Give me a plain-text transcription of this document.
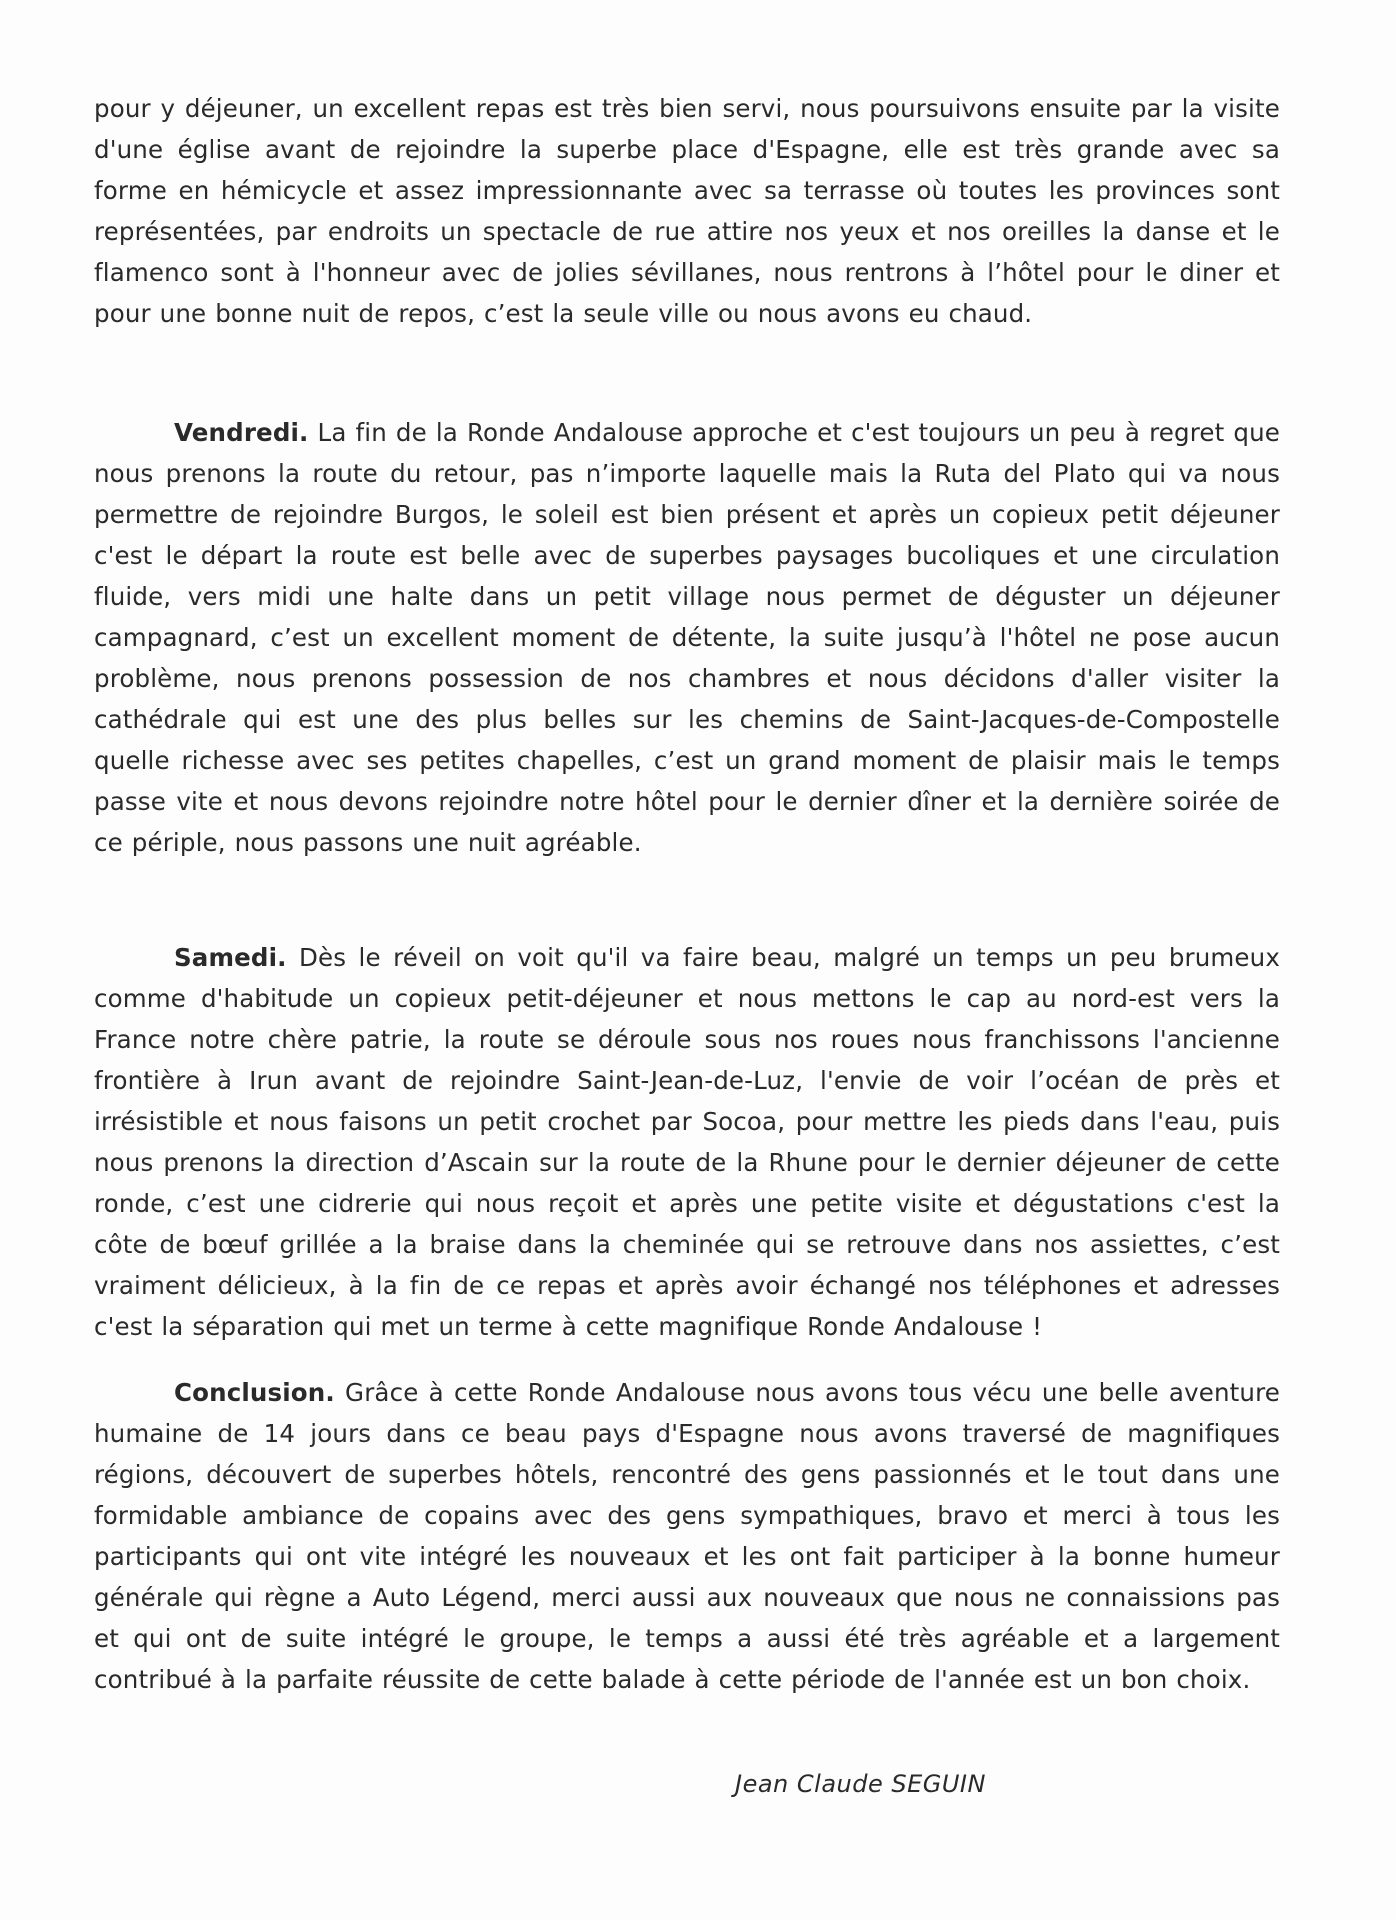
pour y déjeuner, un excellent repas est très bien servi, nous poursuivons ensuite par la visite d'une église avant de rejoindre la superbe place d'Espagne, elle est très grande avec sa forme en hémicycle et assez impressionnante avec sa terrasse où toutes les provinces sont représentées, par endroits un spectacle de rue attire nos yeux et nos oreilles la danse et le flamenco sont à l'honneur avec de jolies sévillanes, nous rentrons à l’hôtel pour le diner et pour une bonne nuit de repos, c’est la seule ville ou nous avons eu chaud.

Vendredi. La fin de la Ronde Andalouse approche et c'est toujours un peu à regret que nous prenons la route du retour, pas n’importe laquelle mais la Ruta del Plato qui va nous permettre de rejoindre Burgos, le soleil est bien présent et après un copieux petit déjeuner c'est le départ la route est belle avec de superbes paysages bucoliques et une circulation fluide, vers midi une halte dans un petit village nous permet de déguster un déjeuner campagnard, c’est un excellent moment de détente, la suite jusqu’à l'hôtel ne pose aucun problème, nous prenons possession de nos chambres et nous décidons d'aller visiter la cathédrale qui est une des plus belles sur les chemins de Saint-Jacques-de-Compostelle quelle richesse avec ses petites chapelles, c’est un grand moment de plaisir mais le temps passe vite et nous devons rejoindre notre hôtel pour le dernier dîner et la dernière soirée de ce périple, nous passons une nuit agréable.

Samedi. Dès le réveil on voit qu'il va faire beau, malgré un temps un peu brumeux comme d'habitude un copieux petit-déjeuner et nous mettons le cap au nord-est vers la France notre chère patrie, la route se déroule sous nos roues nous franchissons l'ancienne frontière à Irun avant de rejoindre Saint-Jean-de-Luz, l'envie de voir l’océan de près et irrésistible et nous faisons un petit crochet par Socoa, pour mettre les pieds dans l'eau, puis nous prenons la direction d’Ascain sur la route de la Rhune pour le dernier déjeuner de cette ronde, c’est une cidrerie qui nous reçoit et après une petite visite et dégustations c'est la côte de bœuf grillée a la braise dans la cheminée qui se retrouve dans nos assiettes, c’est vraiment délicieux, à la fin de ce repas et après avoir échangé nos téléphones et adresses c'est la séparation qui met un terme à cette magnifique Ronde Andalouse !

Conclusion. Grâce à cette Ronde Andalouse nous avons tous vécu une belle aventure humaine de 14 jours dans ce beau pays d'Espagne nous avons traversé de magnifiques régions, découvert de superbes hôtels, rencontré des gens passionnés et le tout dans une formidable ambiance de copains avec des gens sympathiques, bravo et merci à tous les participants qui ont vite intégré les nouveaux et les ont fait participer à la bonne humeur générale qui règne a Auto Légend, merci aussi aux nouveaux que nous ne connaissions pas et qui ont de suite intégré le groupe, le temps a aussi été très agréable et a largement contribué à la parfaite réussite de cette balade à cette période de l'année est un bon choix.

Jean Claude SEGUIN
